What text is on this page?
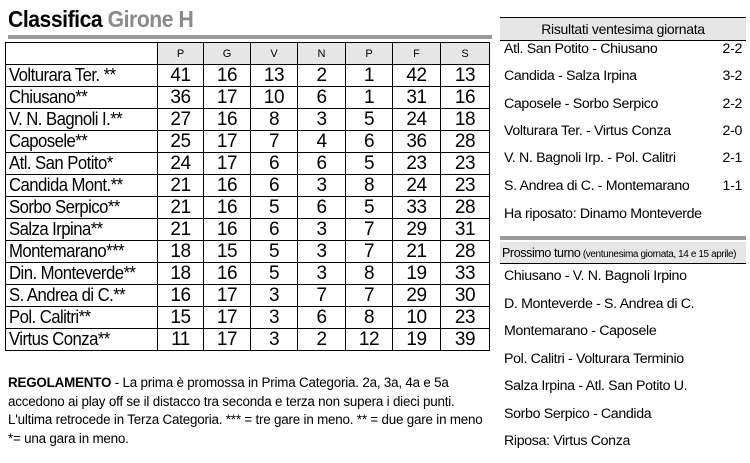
Classifica Girone H
	P	G	V	N	P	F	S
Volturara Ter. **	41	16	13	2	1	42	13
Chiusano**	36	17	10	6	1	31	16
V. N. Bagnoli I.**	27	16	8	3	5	24	18
Caposele**	25	17	7	4	6	36	28
Atl. San Potito*	24	17	6	6	5	23	23
Candida Mont.**	21	16	6	3	8	24	23
Sorbo Serpico**	21	16	5	6	5	33	28
Salza Irpina**	21	16	6	3	7	29	31
Montemarano***	18	15	5	3	7	21	28
Din. Monteverde**	18	16	5	3	8	19	33
S. Andrea di C.**	16	17	3	7	7	29	30
Pol. Calitri**	15	17	3	6	8	10	23
Virtus Conza**	11	17	3	2	12	19	39
REGOLAMENTO - La prima è promossa in Prima Categoria. 2a, 3a, 4a e 5a accedono ai play off se il distacco tra seconda e terza non supera i dieci punti. L'ultima retrocede in Terza Categoria. *** = tre gare in meno. ** = due gare in meno *= una gara in meno.
Risultati ventesima giornata
Atl. San Potito - Chiusano	2-2
Candida - Salza Irpina	3-2
Caposele - Sorbo Serpico	2-2
Volturara Ter. - Virtus Conza	2-0
V. N. Bagnoli Irp. - Pol. Calitri	2-1
S. Andrea di C. - Montemarano 1-1
Ha riposato: Dinamo Monteverde
Prossimo turno (ventunesima giornata, 14 e 15 aprile)
Chiusano - V. N. Bagnoli Irpino
D. Monteverde - S. Andrea di C.
Montemarano - Caposele
Pol. Calitri - Volturara Terminio
Salza Irpina - Atl. San Potito U.
Sorbo Serpico - Candida
Riposa: Virtus Conza
